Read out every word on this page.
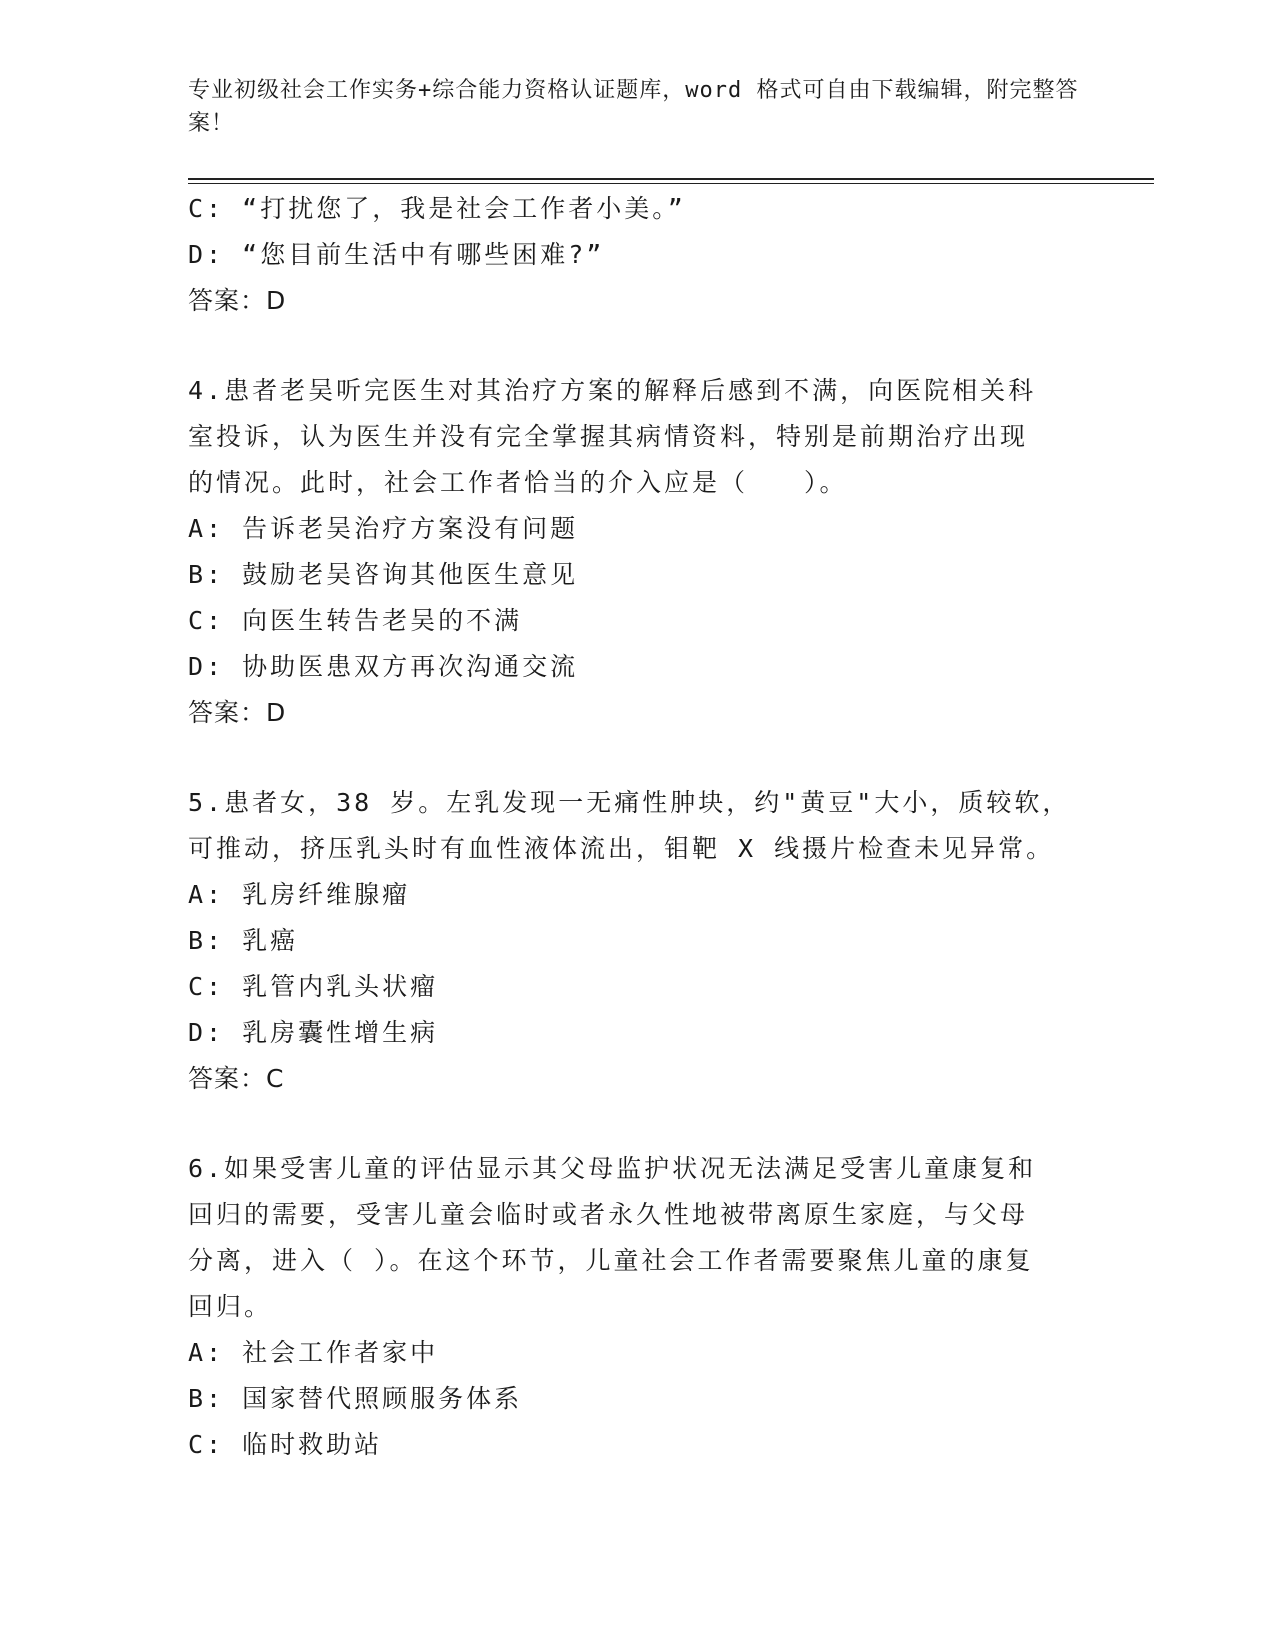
专业初级社会工作实务+综合能力资格认证题库，word 格式可自由下载编辑，附完整答案！
C: “打扰您了，我是社会工作者小美。”
D: “您目前生活中有哪些困难?”
答案：D
4.患者老吴听完医生对其治疗方案的解释后感到不满，向医院相关科
室投诉，认为医生并没有完全掌握其病情资料，特别是前期治疗出现
的情况。此时，社会工作者恰当的介入应是（　　）。
A: 告诉老吴治疗方案没有问题
B: 鼓励老吴咨询其他医生意见
C: 向医生转告老吴的不满
D: 协助医患双方再次沟通交流
答案：D
5.患者女，38 岁。左乳发现一无痛性肿块，约"黄豆"大小，质较软，
可推动，挤压乳头时有血性液体流出，钼靶 X 线摄片检查未见异常。
A: 乳房纤维腺瘤
B: 乳癌
C: 乳管内乳头状瘤
D: 乳房囊性增生病
答案：C
6.如果受害儿童的评估显示其父母监护状况无法满足受害儿童康复和
回归的需要，受害儿童会临时或者永久性地被带离原生家庭，与父母
分离，进入（ ）。在这个环节，儿童社会工作者需要聚焦儿童的康复
回归。
A: 社会工作者家中
B: 国家替代照顾服务体系
C: 临时救助站
